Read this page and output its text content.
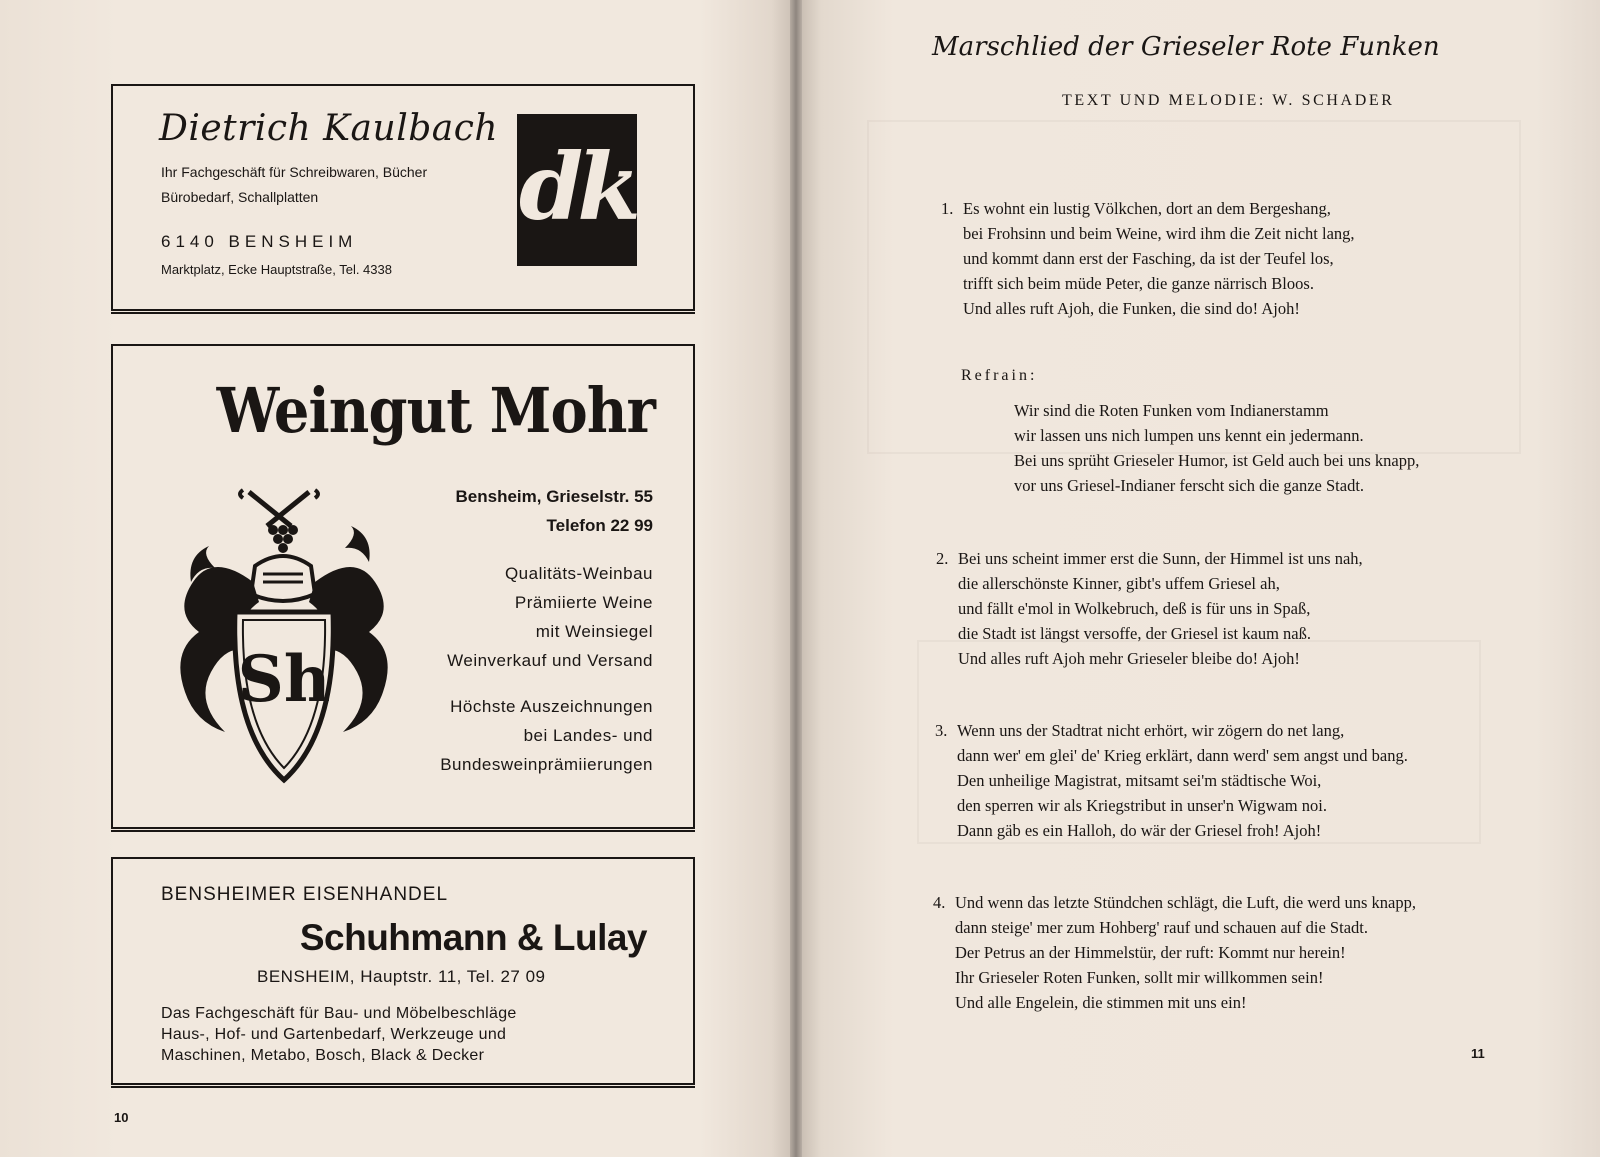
Dietrich Kaulbach
Ihr Fachgeschäft für Schreibwaren, Bücher
Bürobedarf, Schallplatten
6140 BENSHEIM
Marktplatz, Ecke Hauptstraße, Tel. 4338
dk
Weingut Mohr
Bensheim, Grieselstr. 55
Telefon 22 99
Qualitäts-Weinbau
Prämiierte Weine
mit Weinsiegel
Weinverkauf und Versand
Höchste Auszeichnungen
bei Landes- und
Bundesweinprämiierungen
Sh
BENSHEIMER EISENHANDEL
Schuhmann & Lulay
BENSHEIM, Hauptstr. 11, Tel. 27 09
Das Fachgeschäft für Bau- und Möbelbeschläge
Haus-, Hof- und Gartenbedarf, Werkzeuge und
Maschinen, Metabo, Bosch, Black & Decker
10
Marschlied der Grieseler Rote Funken
TEXT UND MELODIE: W. SCHADER
1. Es wohnt ein lustig Völkchen, dort an dem Bergeshang,
bei Frohsinn und beim Weine, wird ihm die Zeit nicht lang,
und kommt dann erst der Fasching, da ist der Teufel los,
trifft sich beim müde Peter, die ganze närrisch Bloos.
Und alles ruft Ajoh, die Funken, die sind do! Ajoh!
Refrain:
Wir sind die Roten Funken vom Indianerstamm
wir lassen uns nich lumpen uns kennt ein jedermann.
Bei uns sprüht Grieseler Humor, ist Geld auch bei uns knapp,
vor uns Griesel-Indianer ferscht sich die ganze Stadt.
2. Bei uns scheint immer erst die Sunn, der Himmel ist uns nah,
die allerschönste Kinner, gibt's uffem Griesel ah,
und fällt e'mol in Wolkebruch, deß is für uns in Spaß,
die Stadt ist längst versoffe, der Griesel ist kaum naß.
Und alles ruft Ajoh mehr Grieseler bleibe do! Ajoh!
3. Wenn uns der Stadtrat nicht erhört, wir zögern do net lang,
dann wer' em glei' de' Krieg erklärt, dann werd' sem angst und bang.
Den unheilige Magistrat, mitsamt sei'm städtische Woi,
den sperren wir als Kriegstribut in unser'n Wigwam noi.
Dann gäb es ein Halloh, do wär der Griesel froh! Ajoh!
4. Und wenn das letzte Stündchen schlägt, die Luft, die werd uns knapp,
dann steige' mer zum Hohberg' rauf und schauen auf die Stadt.
Der Petrus an der Himmelstür, der ruft: Kommt nur herein!
Ihr Grieseler Roten Funken, sollt mir willkommen sein!
Und alle Engelein, die stimmen mit uns ein!
11
